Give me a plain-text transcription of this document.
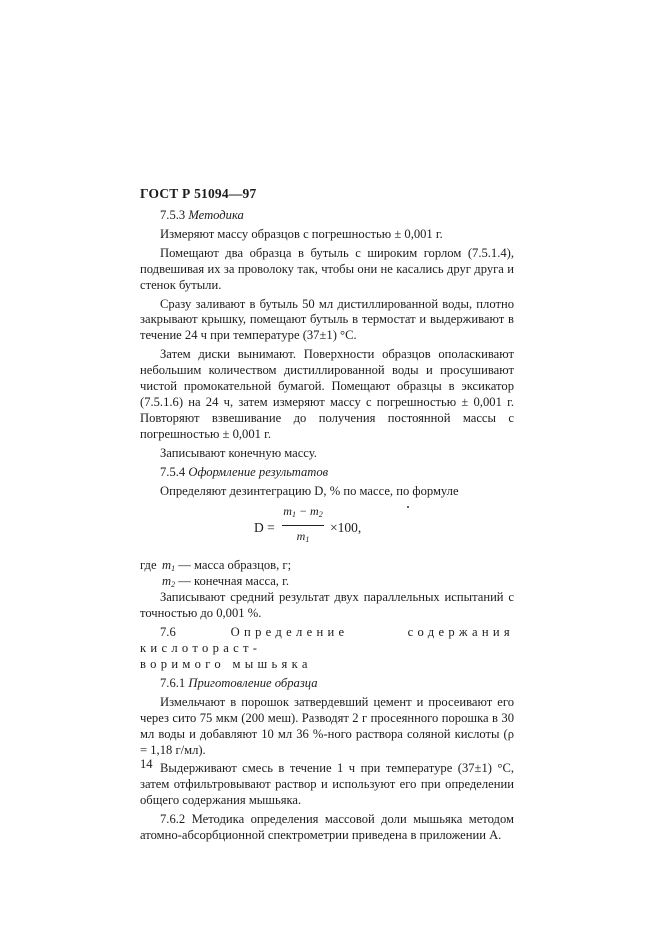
ГОСТ Р 51094—97

7.5.3 Методика

Измеряют массу образцов с погрешностью ± 0,001 г.

Помещают два образца в бутыль с широким горлом (7.5.1.4), подвешивая их за проволоку так, чтобы они не касались друг друга и стенок бутыли.

Сразу заливают в бутыль 50 мл дистиллированной воды, плотно закрывают крышку, помещают бутыль в термостат и выдерживают в течение 24 ч при температуре (37±1) °С.

Затем диски вынимают. Поверхности образцов ополаскивают небольшим количеством дистиллированной воды и просушивают чистой промокательной бумагой. Помещают образцы в эксикатор (7.5.1.6) на 24 ч, затем измеряют массу с погрешностью ± 0,001 г. Повторяют взвешивание до получения постоянной массы с погрешностью ± 0,001 г.

Записывают конечную массу.

7.5.4 Оформление результатов

Определяют дезинтеграцию D, % по массе, по формуле

$D = \frac{m_1 - m_2}{m_1} \times 100$,
где $m_1$ — масса образцов, г;
$m_2$ — конечная масса, г.

Записывают средний результат двух параллельных испытаний с точностью до 0,001 %.

7.6	Определение содержания кислотораст-

воримого мышьяка

7.6.1 Приготовление образца

Измельчают в порошок затвердевший цемент и просеивают его через сито 75 мкм (200 меш). Разводят 2 г просеянного порошка в 30 мл воды и добавляют 10 мл 36 %-ного раствора соляной кислоты (ρ = 1,18 г/мл).

Выдерживают смесь в течение 1 ч при температуре (37±1) °С, затем отфильтровывают раствор и используют его при определении общего содержания мышьяка.

7.6.2 Методика определения массовой доли мышьяка методом атомно-абсорбционной спектрометрии приведена в приложении А.

14
